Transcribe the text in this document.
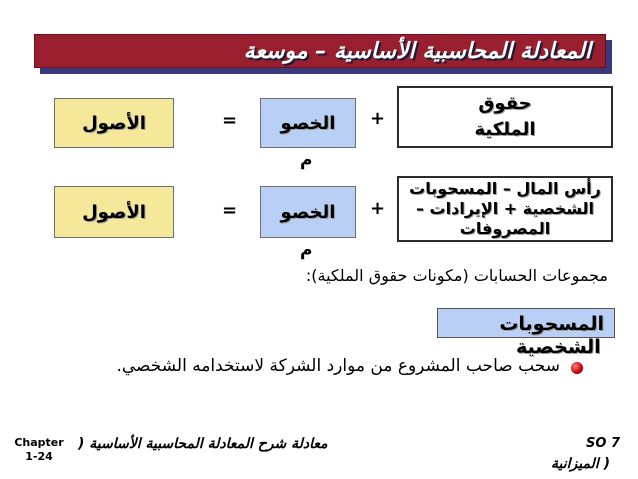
المعادلة المحاسبية الأساسية – موسعة
الأصول	= الخصو
م
+
حقوق
الملكية
الأصول	= الخصو
م
+
رأس المال – المسحوبات
الشخصية + الإيرادات –
المصروفات
مجموعات الحسابات (مكونات حقوق الملكية):
المسحوبات
الشخصية
سحب صاحب المشروع من موارد الشركة لاستخدامه الشخصي.
Chapter
1-24
معادلة شرح المعادلة المحاسبية الأساسية (	SO 7
( الميزانية
